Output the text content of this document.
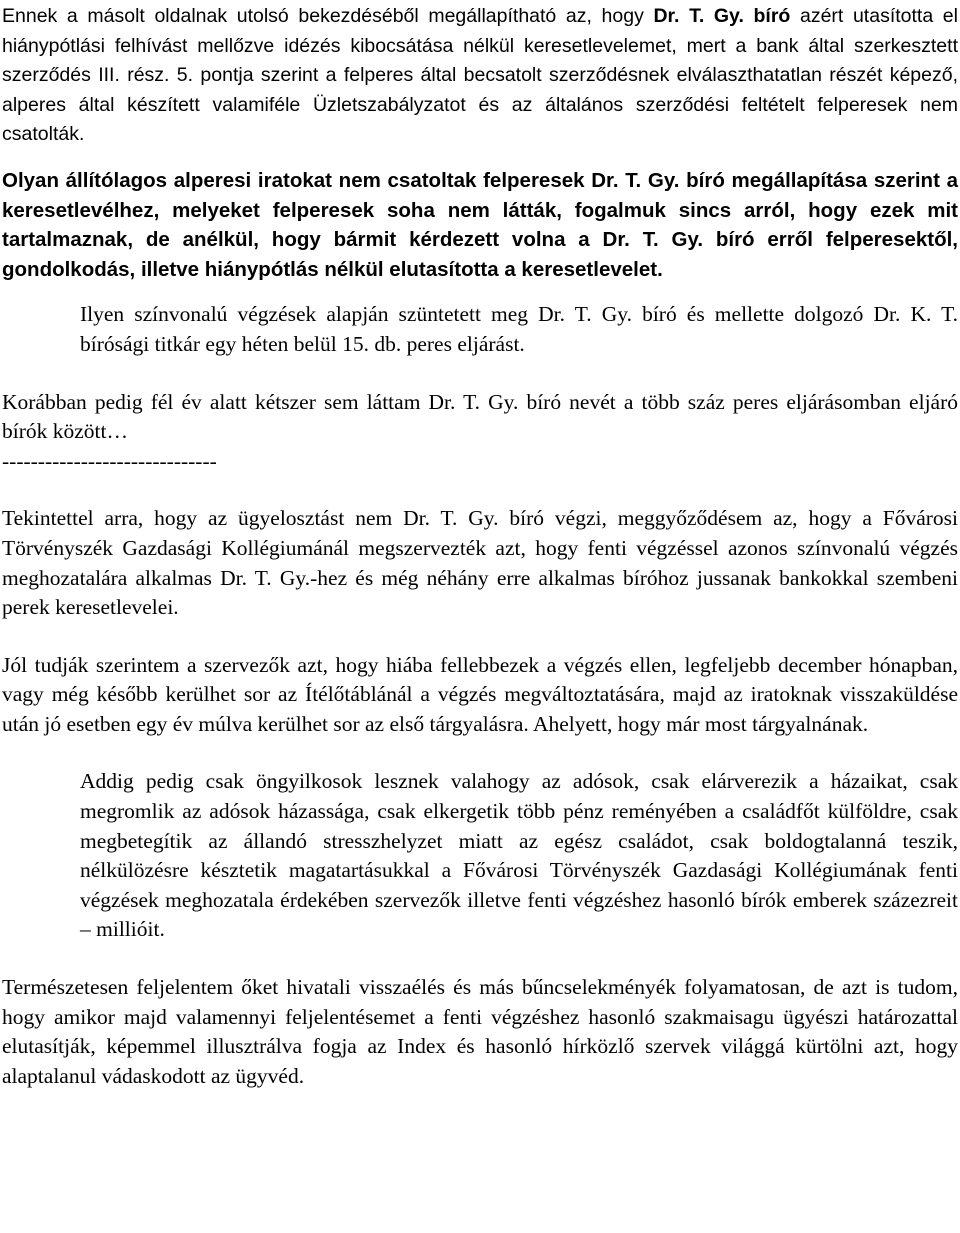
Ennek a másolt oldalnak utolsó bekezdéséből megállapítható az, hogy Dr. T. Gy. bíró azért utasította el hiánypótlási felhívást mellőzve idézés kibocsátása nélkül keresetlevelemet, mert a bank által szerkesztett szerződés III. rész. 5. pontja szerint a felperes által becsatolt szerződésnek elválaszthatatlan részét képező, alperes által készített valamiféle Üzletszabályzatot és az általános szerződési feltételt felperesek nem csatolták.

Olyan állítólagos alperesi iratokat nem csatoltak felperesek Dr. T. Gy. bíró megállapítása szerint a keresetlevélhez, melyeket felperesek soha nem látták, fogalmuk sincs arról, hogy ezek mit tartalmaznak, de anélkül, hogy bármit kérdezett volna a Dr. T. Gy. bíró erről felperesektől, gondolkodás, illetve hiánypótlás nélkül elutasította a keresetlevelet.

Ilyen színvonalú végzések alapján szüntetett meg Dr. T. Gy. bíró és mellette dolgozó Dr. K. T. bírósági titkár egy héten belül 15. db. peres eljárást.

Korábban pedig fél év alatt kétszer sem láttam Dr. T. Gy. bíró nevét a több száz peres eljárásomban eljáró bírók között…

------------------------------

Tekintettel arra, hogy az ügyelosztást nem Dr. T. Gy. bíró végzi, meggyőződésem az, hogy a Fővárosi Törvényszék Gazdasági Kollégiumánál megszervezték azt, hogy fenti végzéssel azonos színvonalú végzés meghozatalára alkalmas Dr. T. Gy.-hez és még néhány erre alkalmas bíróhoz jussanak bankokkal szembeni perek keresetlevelei.

Jól tudják szerintem a szervezők azt, hogy hiába fellebbezek a végzés ellen, legfeljebb december hónapban, vagy még később kerülhet sor az Ítélőtáblánál a végzés megváltoztatására, majd az iratoknak visszaküldése után jó esetben egy év múlva kerülhet sor az első tárgyalásra. Ahelyett, hogy már most tárgyalnának.

Addig pedig csak öngyilkosok lesznek valahogy az adósok, csak elárverezik a házaikat, csak megromlik az adósok házassága, csak elkergetik több pénz reményében a családfőt külföldre, csak megbetegítik az állandó stresszhelyzet miatt az egész családot, csak boldogtalanná teszik, nélkülözésre késztetik magatartásukkal a Fővárosi Törvényszék Gazdasági Kollégiumának fenti végzések meghozatala érdekében szervezők illetve fenti végzéshez hasonló bírók emberek százezreit – millióit.

Természetesen feljelentem őket hivatali visszaélés és más bűncselekményék folyamatosan, de azt is tudom, hogy amikor majd valamennyi feljelentésemet a fenti végzéshez hasonló szakmaisagu ügyészi határozattal elutasítják, képemmel illusztrálva fogja az Index és hasonló hírközlő szervek világgá kürtölni azt, hogy alaptalanul vádaskodott az ügyvéd.
